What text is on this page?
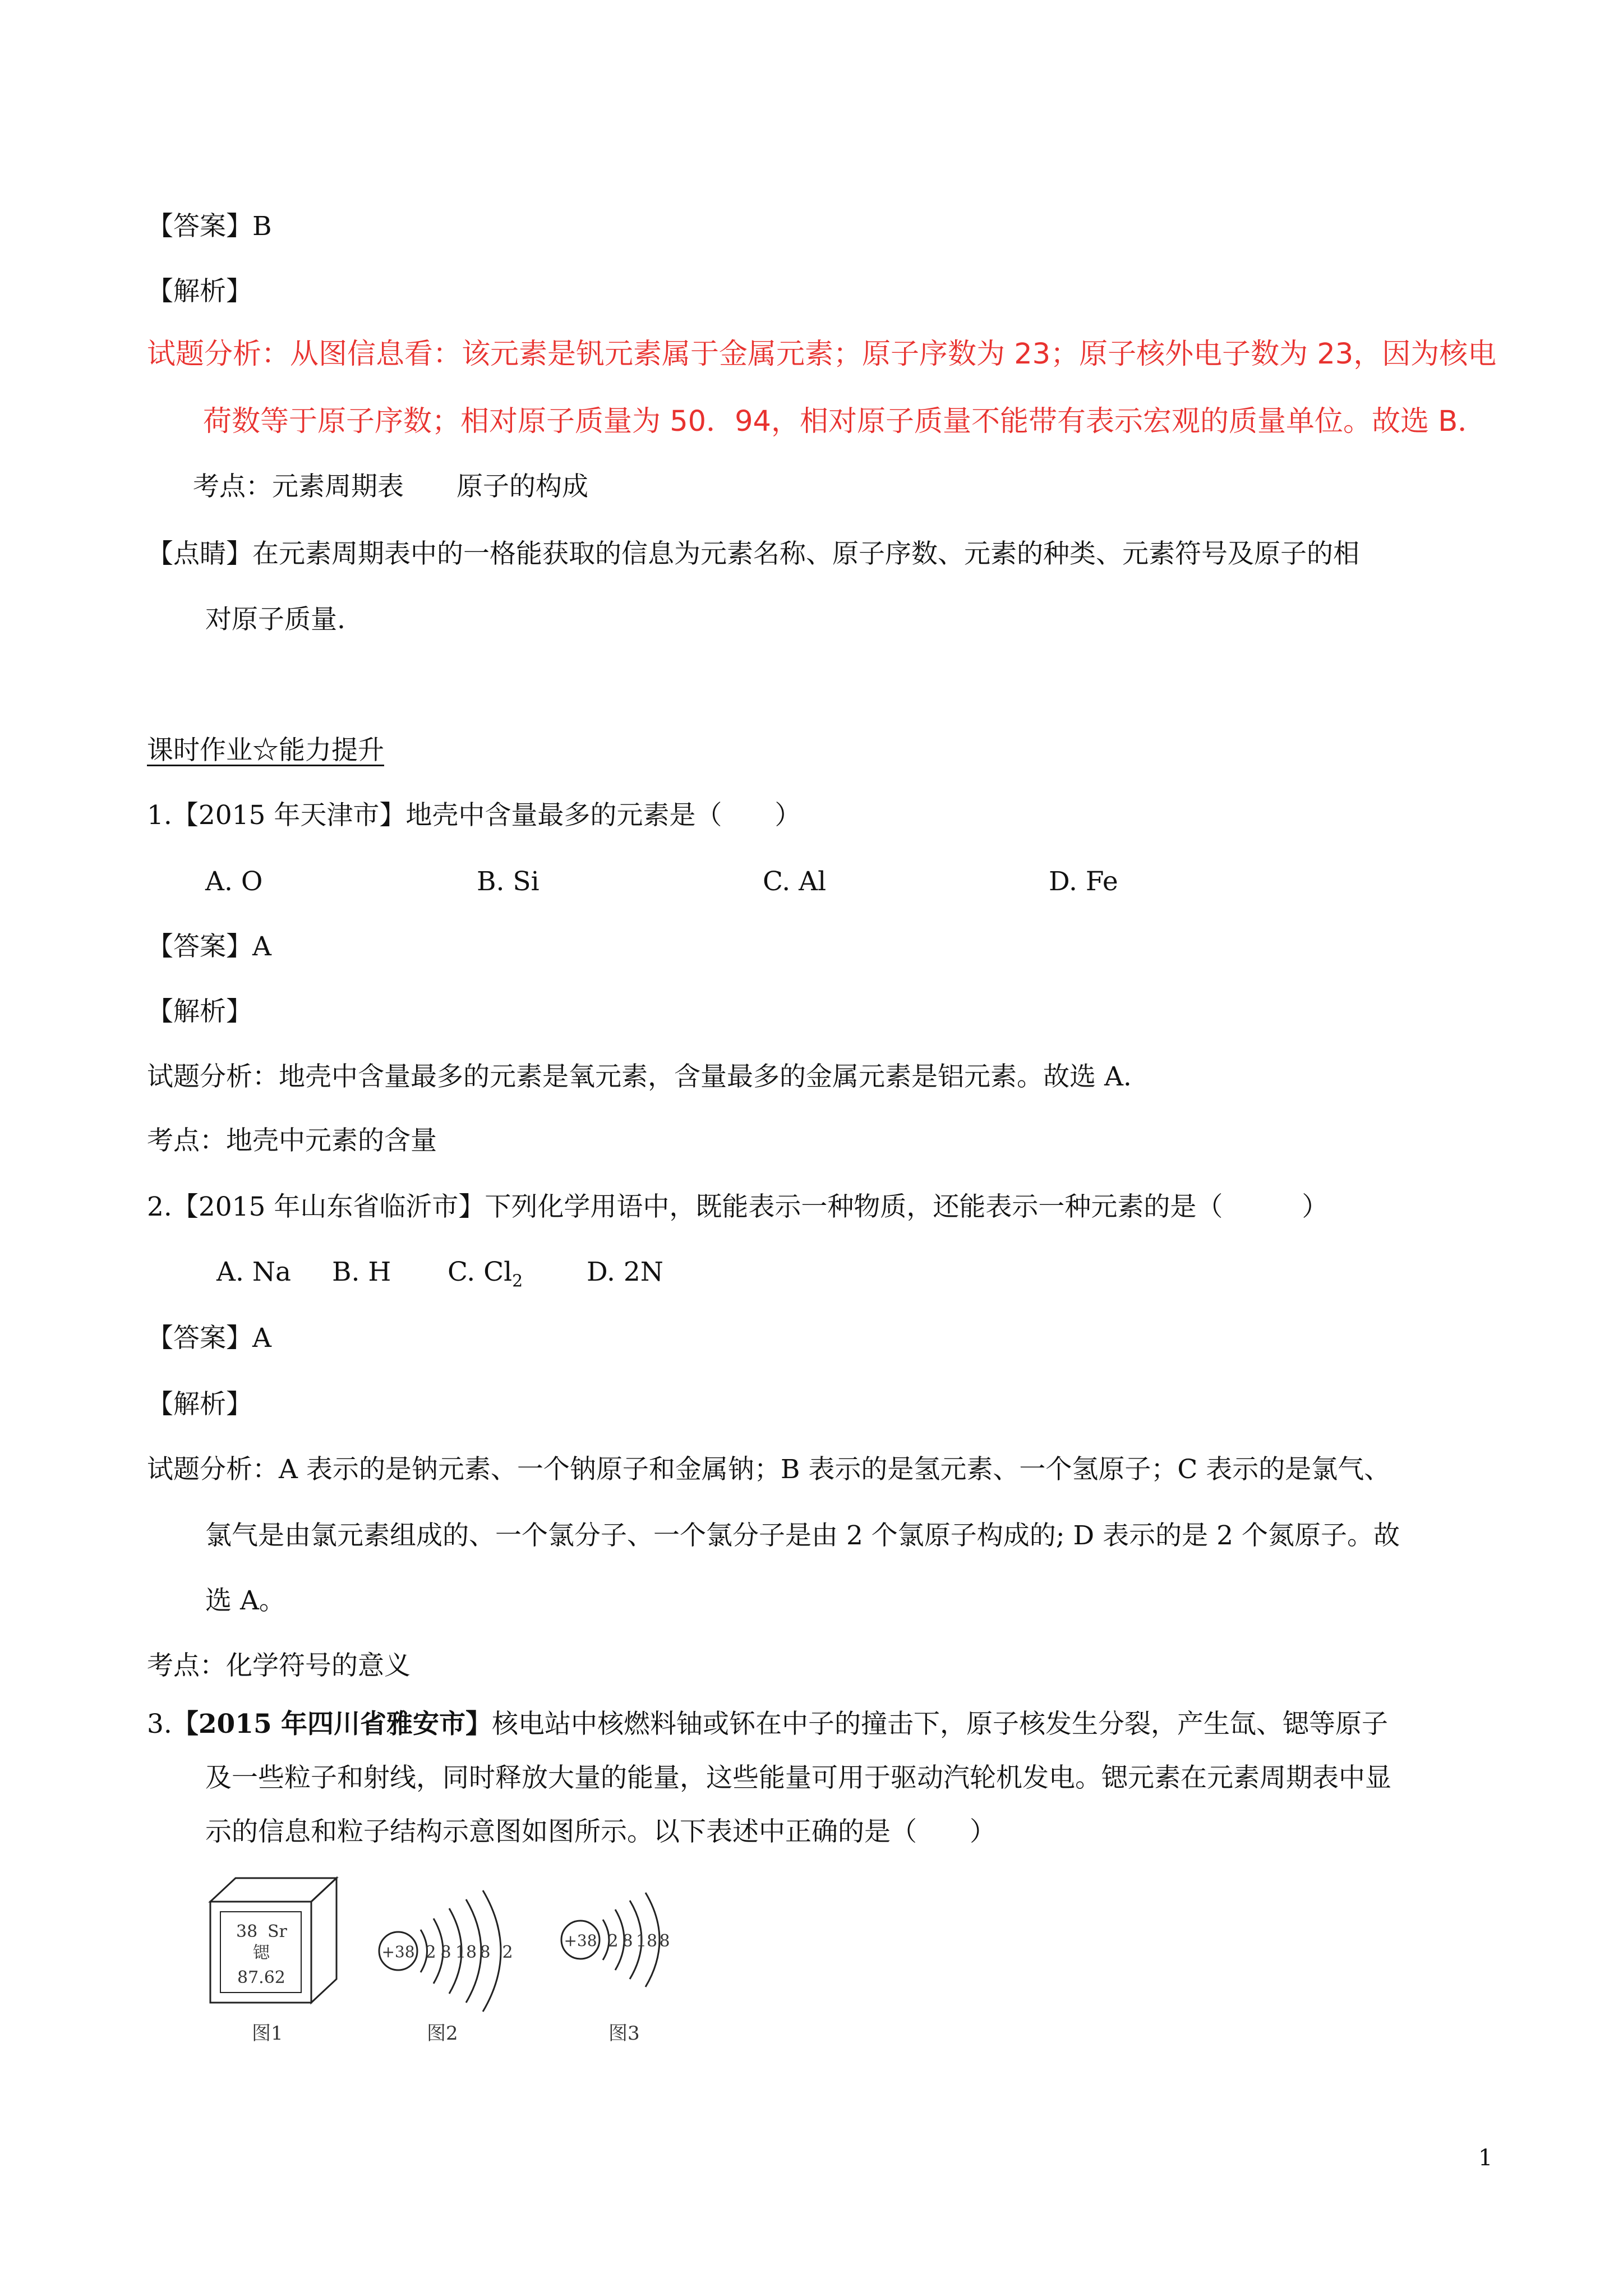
【答案】B
【解析】
试题分析：从图信息看：该元素是钒元素属于金属元素；原子序数为 23；原子核外电子数为 23，因为核电
荷数等于原子序数；相对原子质量为 50．94，相对原子质量不能带有表示宏观的质量单位。故选 B．
考点：元素周期表　　原子的构成
【点睛】在元素周期表中的一格能获取的信息为元素名称、原子序数、元素的种类、元素符号及原子的相
对原子质量.
课时作业☆能力提升
1.【2015 年天津市】地壳中含量最多的元素是（　　）
A. O	B. Si	C. Al	D. Fe
【答案】A
【解析】
试题分析：地壳中含量最多的元素是氧元素，含量最多的金属元素是铝元素。故选 A.
考点：地壳中元素的含量
2.【2015 年山东省临沂市】下列化学用语中，既能表示一种物质，还能表示一种元素的是（　　　）
A. Na B. H C. $Cl_2$ D. 2N
【答案】A
【解析】
试题分析：A 表示的是钠元素、一个钠原子和金属钠；B 表示的是氢元素、一个氢原子；C 表示的是氯气、
氯气是由氯元素组成的、一个氯分子、一个氯分子是由 2 个氯原子构成的; D 表示的是 2 个氮原子。故
选 A。
考点：化学符号的意义
3.【2015 年四川省雅安市】核电站中核燃料铀或钚在中子的撞击下，原子核发生分裂，产生氙、锶等原子
及一些粒子和射线，同时释放大量的能量，这些能量可用于驱动汽轮机发电。锶元素在元素周期表中显
示的信息和粒子结构示意图如图所示。以下表述中正确的是（　　）
38 Sr
锶
87.62
图1
+38 2 8 18 8 2
图2
+38 2 8 18 8
图3
1
